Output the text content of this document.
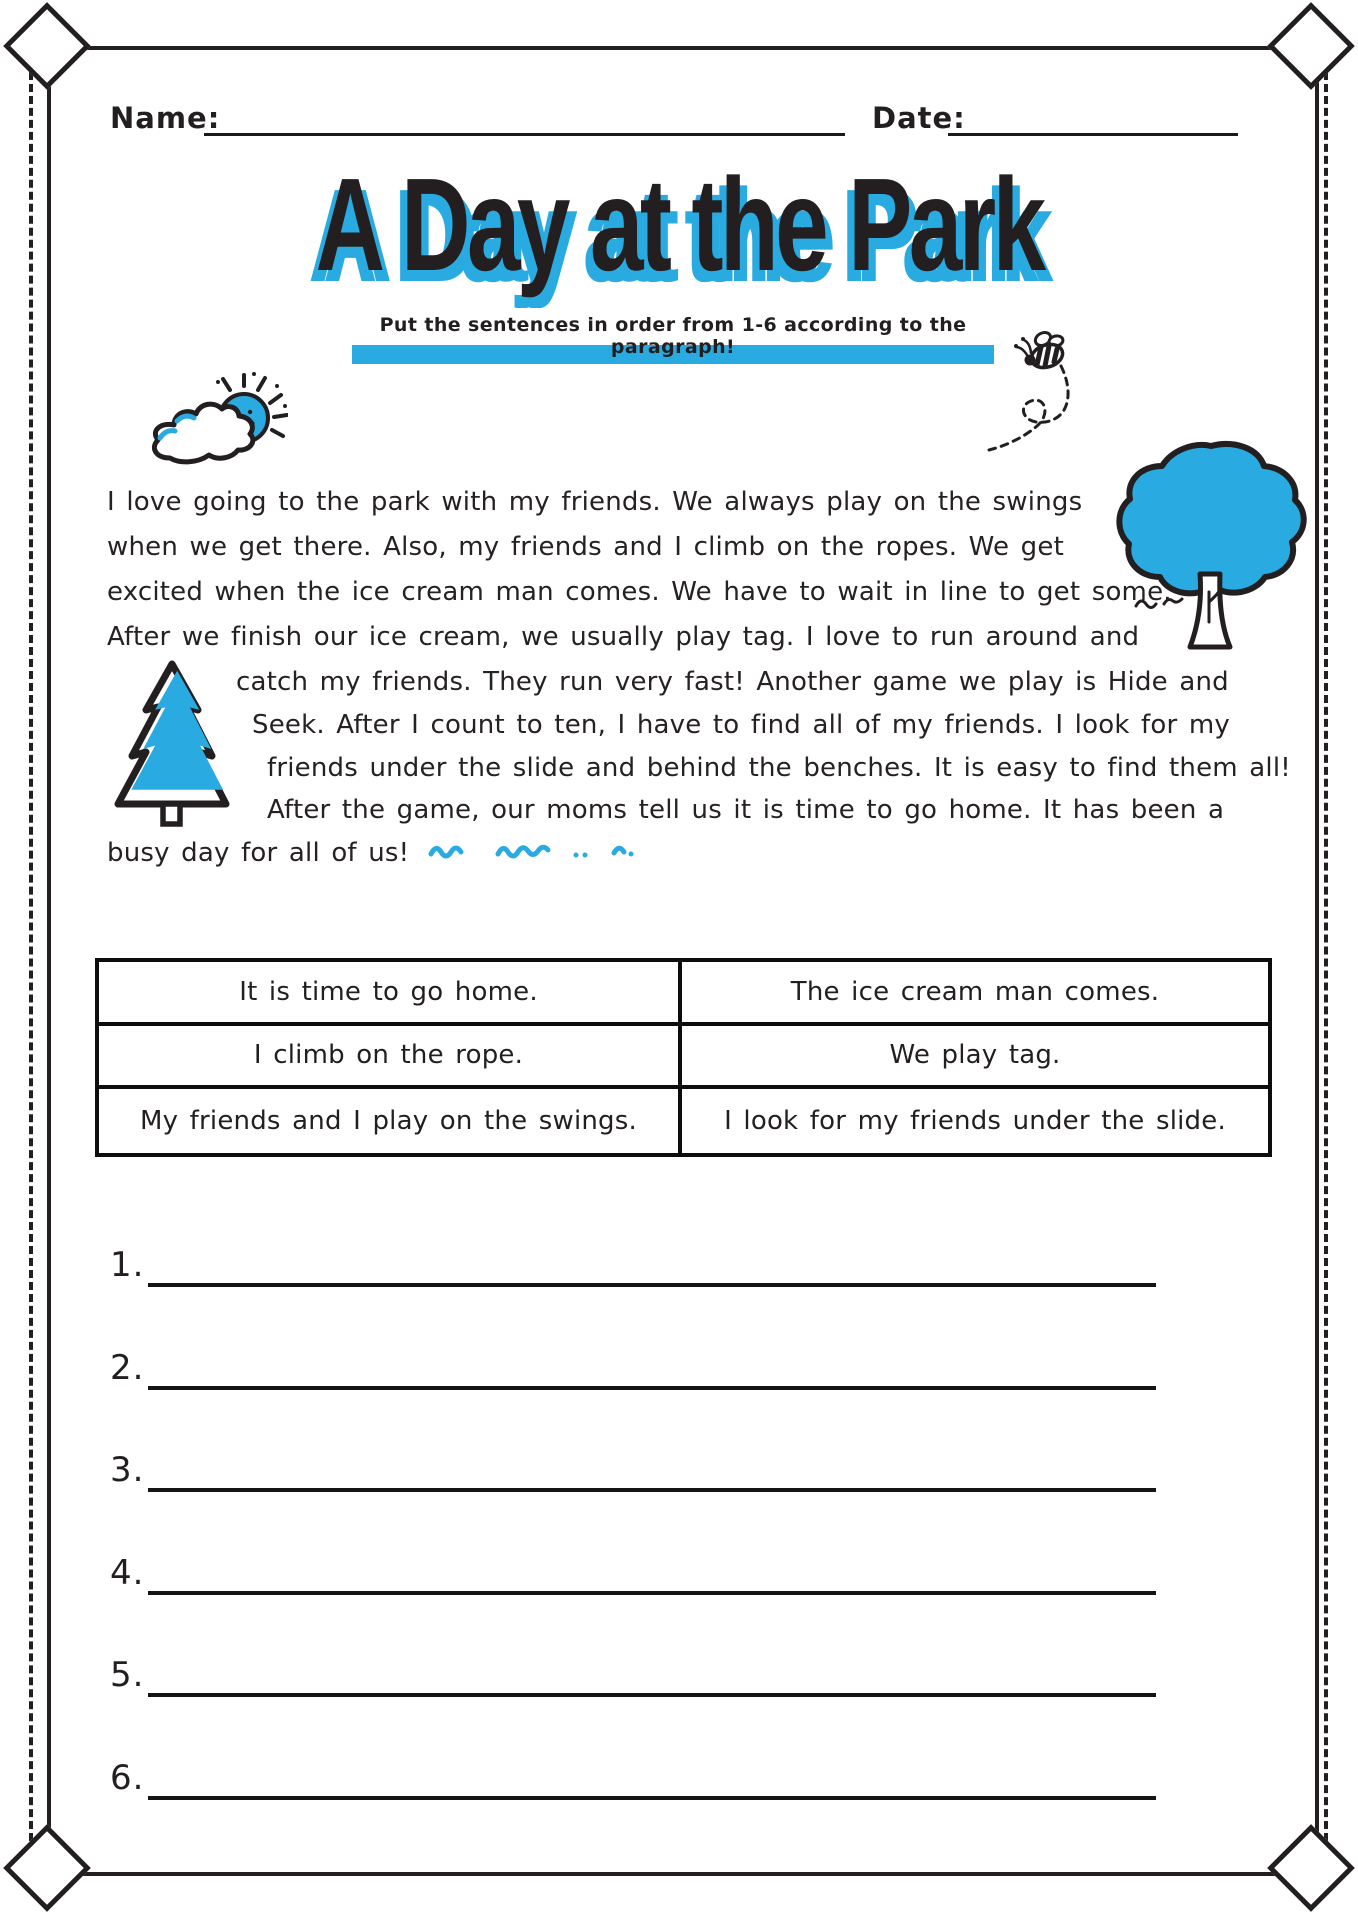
Name:	Date:
A Day at the Park
Put the sentences in order from 1-6 according to the paragraph!
I love going to the park with my friends. We always play on the swings
when we get there. Also, my friends and I climb on the ropes. We get
excited when the ice cream man comes. We have to wait in line to get some.
After we finish our ice cream, we usually play tag. I love to run around and
catch my friends. They run very fast! Another game we play is Hide and
Seek. After I count to ten, I have to find all of my friends. I look for my
friends under the slide and behind the benches. It is easy to find them all!
After the game, our moms tell us it is time to go home. It has been a
busy day for all of us!
It is time to go home.	The ice cream man comes.
I climb on the rope.	We play tag.
My friends and I play on the swings.	I look for my friends under the slide.
1.
2.
3.
4.
5.
6.
